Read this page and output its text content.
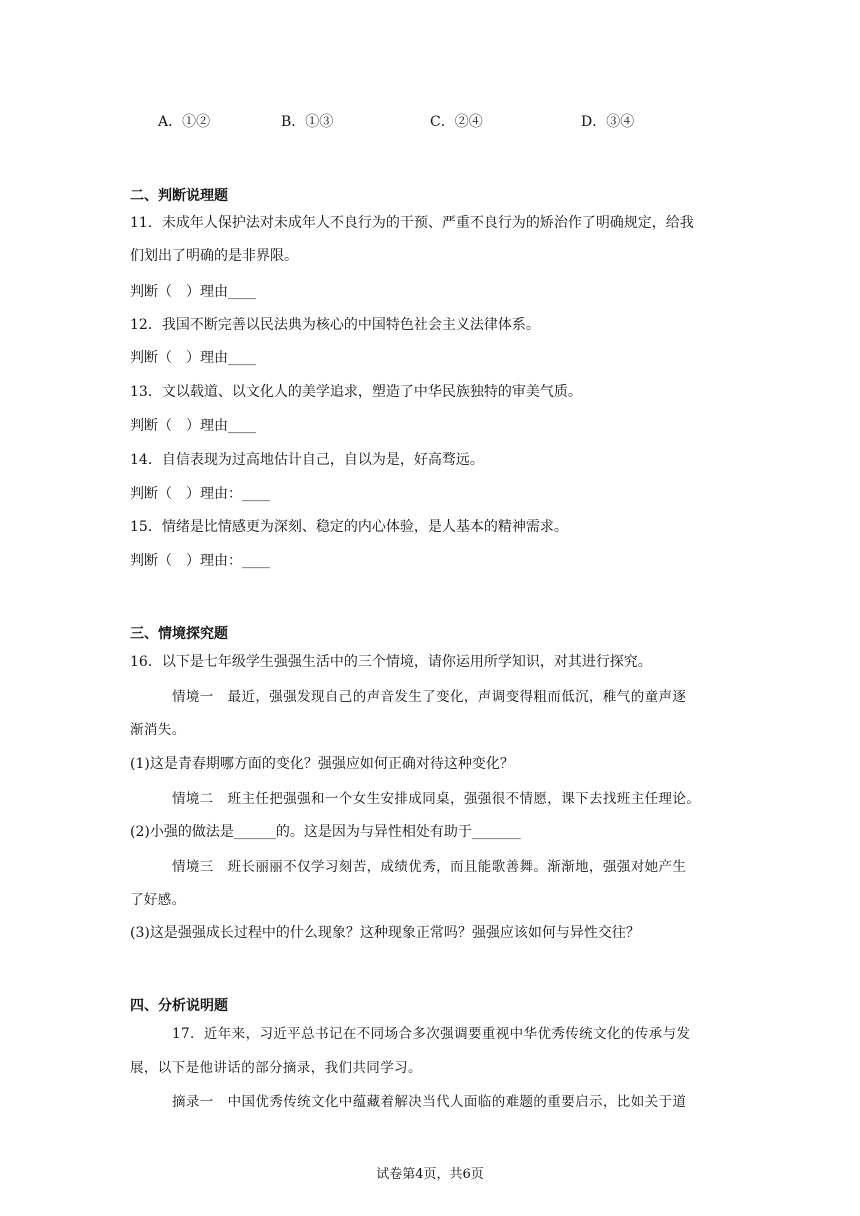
A．①②	B．①③	C．②④	D．③④
二、判断说理题
11．未成年人保护法对未成年人不良行为的干预、严重不良行为的矫治作了明确规定，给我
们划出了明确的是非界限。
判断（　）理由____
12．我国不断完善以民法典为核心的中国特色社会主义法律体系。
判断（　）理由____
13．文以载道、以文化人的美学追求，塑造了中华民族独特的审美气质。
判断（　）理由____
14．自信表现为过高地估计自己，自以为是，好高骛远。
判断（　）理由：____
15．情绪是比情感更为深刻、稳定的内心体验，是人基本的精神需求。
判断（　）理由：____
三、情境探究题
16．以下是七年级学生强强生活中的三个情境，请你运用所学知识，对其进行探究。
情境一　最近，强强发现自己的声音发生了变化，声调变得粗而低沉，稚气的童声逐
渐消失。
(1)这是青春期哪方面的变化？强强应如何正确对待这种变化？
情境二　班主任把强强和一个女生安排成同桌，强强很不情愿，课下去找班主任理论。
(2)小强的做法是______的。这是因为与异性相处有助于_______
情境三　班长丽丽不仅学习刻苦，成绩优秀，而且能歌善舞。渐渐地，强强对她产生
了好感。
(3)这是强强成长过程中的什么现象？这种现象正常吗？强强应该如何与异性交往？
四、分析说明题
17．近年来，习近平总书记在不同场合多次强调要重视中华优秀传统文化的传承与发
展，以下是他讲话的部分摘录，我们共同学习。
摘录一　中国优秀传统文化中蕴藏着解决当代人面临的难题的重要启示，比如关于道
试卷第4页，共6页
